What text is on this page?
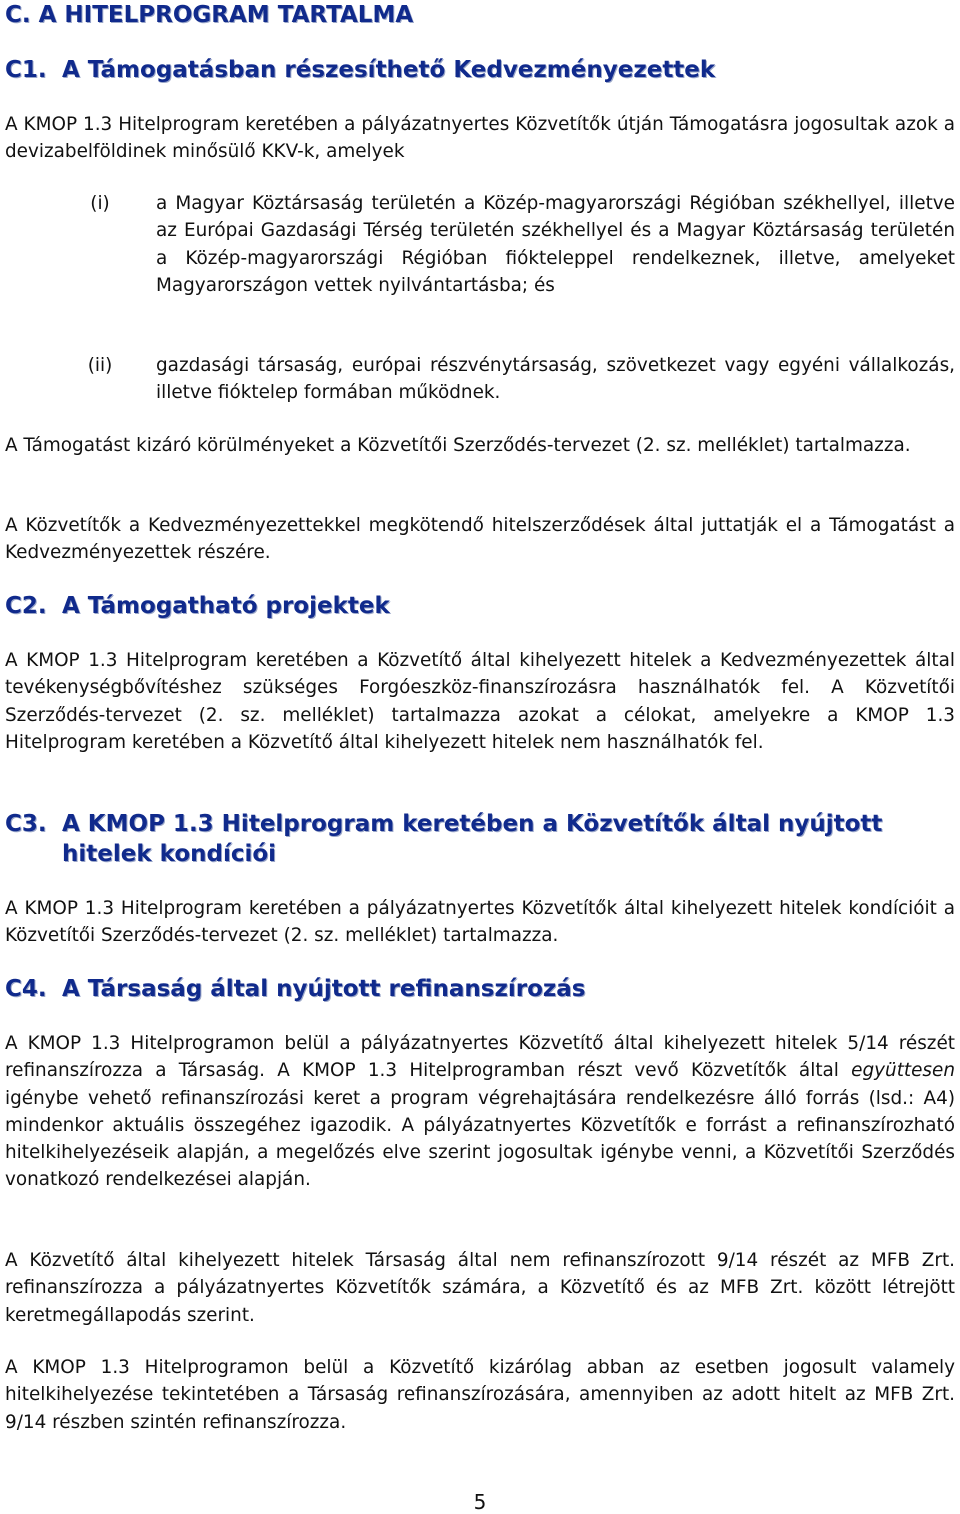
C. A HITELPROGRAM TARTALMA
C1. A Támogatásban részesíthető Kedvezményezettek

A KMOP 1.3 Hitelprogram keretében a pályázatnyertes Közvetítők útján Támogatásra jogosultak azok a devizabelföldinek minősülő KKV-k, amelyek

(i)	a Magyar Köztársaság területén a Közép-magyarországi Régióban székhellyel, illetve az Európai Gazdasági Térség területén székhellyel és a Magyar Köztársaság területén a Közép-magyarországi Régióban fiókteleppel rendelkeznek, illetve, amelyeket Magyarországon vettek nyilvántartásba; és

(ii)	gazdasági társaság, európai részvénytársaság, szövetkezet vagy egyéni vállalkozás, illetve fióktelep formában működnek.

A Támogatást kizáró körülményeket a Közvetítői Szerződés-tervezet (2. sz. melléklet) tartalmazza.

A Közvetítők a Kedvezményezettekkel megkötendő hitelszerződések által juttatják el a Támogatást a Kedvezményezettek részére.

C2. A Támogatható projektek

A KMOP 1.3 Hitelprogram keretében a Közvetítő által kihelyezett hitelek a Kedvezményezettek által tevékenységbővítéshez szükséges Forgóeszköz-finanszírozásra használhatók fel. A Közvetítői Szerződés-tervezet (2. sz. melléklet) tartalmazza azokat a célokat, amelyekre a KMOP 1.3 Hitelprogram keretében a Közvetítő által kihelyezett hitelek nem használhatók fel.

C3. A KMOP 1.3 Hitelprogram keretében a Közvetítők által nyújtott
hitelek kondíciói

A KMOP 1.3 Hitelprogram keretében a pályázatnyertes Közvetítők által kihelyezett hitelek kondícióit a Közvetítői Szerződés-tervezet (2. sz. melléklet) tartalmazza.

C4. A Társaság által nyújtott refinanszírozás

A KMOP 1.3 Hitelprogramon belül a pályázatnyertes Közvetítő által kihelyezett hitelek 5/14 részét refinanszírozza a Társaság. A KMOP 1.3 Hitelprogramban részt vevő Közvetítők által együttesen igénybe vehető refinanszírozási keret a program végrehajtására rendelkezésre álló forrás (lsd.: A4) mindenkor aktuális összegéhez igazodik. A pályázatnyertes Közvetítők e forrást a refinanszírozható hitelkihelyezéseik alapján, a megelőzés elve szerint jogosultak igénybe venni, a Közvetítői Szerződés vonatkozó rendelkezései alapján.

A Közvetítő által kihelyezett hitelek Társaság által nem refinanszírozott 9/14 részét az MFB Zrt. refinanszírozza a pályázatnyertes Közvetítők számára, a Közvetítő és az MFB Zrt. között létrejött keretmegállapodás szerint.

A KMOP 1.3 Hitelprogramon belül a Közvetítő kizárólag abban az esetben jogosult valamely hitelkihelyezése tekintetében a Társaság refinanszírozására, amennyiben az adott hitelt az MFB Zrt. 9/14 részben szintén refinanszírozza.

5
